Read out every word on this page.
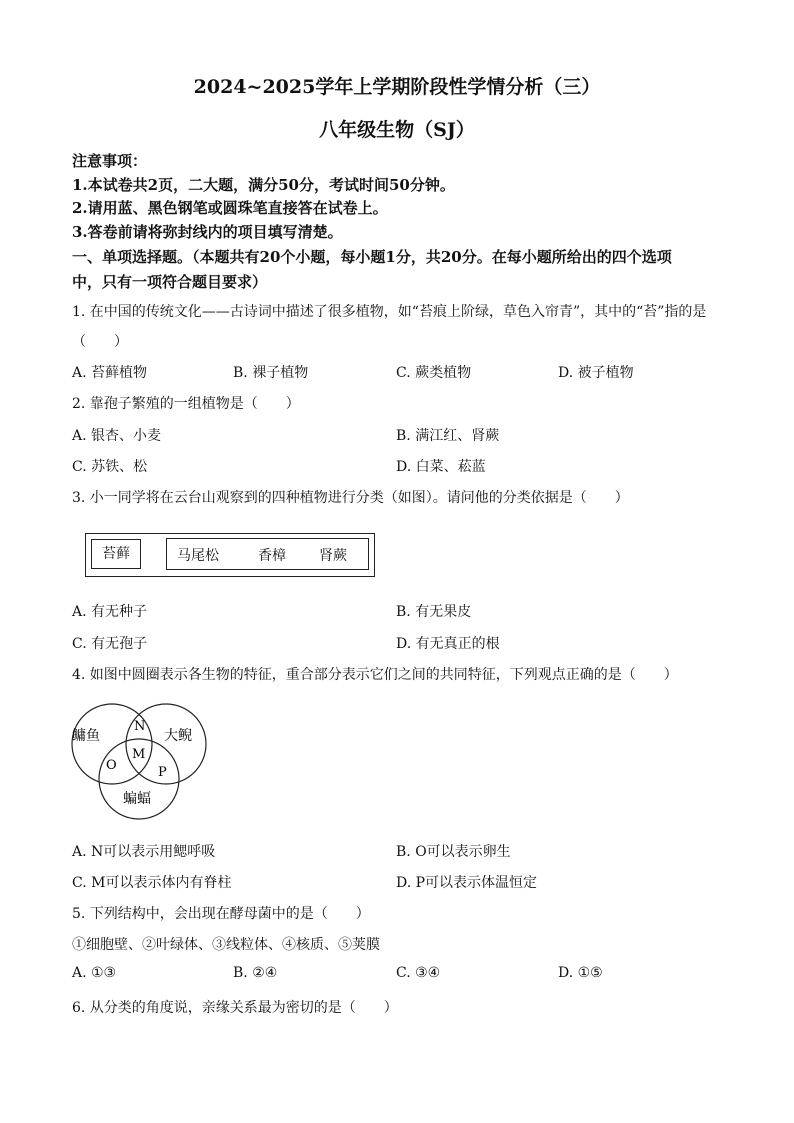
2024~2025学年上学期阶段性学情分析（三）
八年级生物（SJ）
注意事项：
1.本试卷共2页，二大题，满分50分，考试时间50分钟。
2.请用蓝、黑色钢笔或圆珠笔直接答在试卷上。
3.答卷前请将弥封线内的项目填写清楚。
一、单项选择题。（本题共有20个小题，每小题1分，共20分。在每小题所给出的四个选项
中，只有一项符合题目要求）
1. 在中国的传统文化——古诗词中描述了很多植物，如“苔痕上阶绿，草色入帘青”，其中的“苔”指的是
（　　）
A. 苔藓植物	B. 裸子植物	C. 蕨类植物	D. 被子植物
2. 靠孢子繁殖的一组植物是（　　）
A. 银杏、小麦	B. 满江红、肾蕨
C. 苏铁、松	D. 白菜、菘蓝
3. 小一同学将在云台山观察到的四种植物进行分类（如图）。请问他的分类依据是（　　）
苔藓	马尾松	香樟 肾蕨
A. 有无种子	B. 有无果皮
C. 有无孢子	D. 有无真正的根
4. 如图中圆圈表示各生物的特征，重合部分表示它们之间的共同特征，下列观点正确的是（　　）
鳙鱼	大鲵
蝙蝠
N
M
O	P
A. N可以表示用鳃呼吸	B. O可以表示卵生
C. M可以表示体内有脊柱	D. P可以表示体温恒定
5. 下列结构中，会出现在酵母菌中的是（　　）
①细胞壁、②叶绿体、③线粒体、④核质、⑤荚膜
A. ①③	B. ②④	C. ③④	D. ①⑤
6. 从分类的角度说，亲缘关系最为密切的是（　　）
